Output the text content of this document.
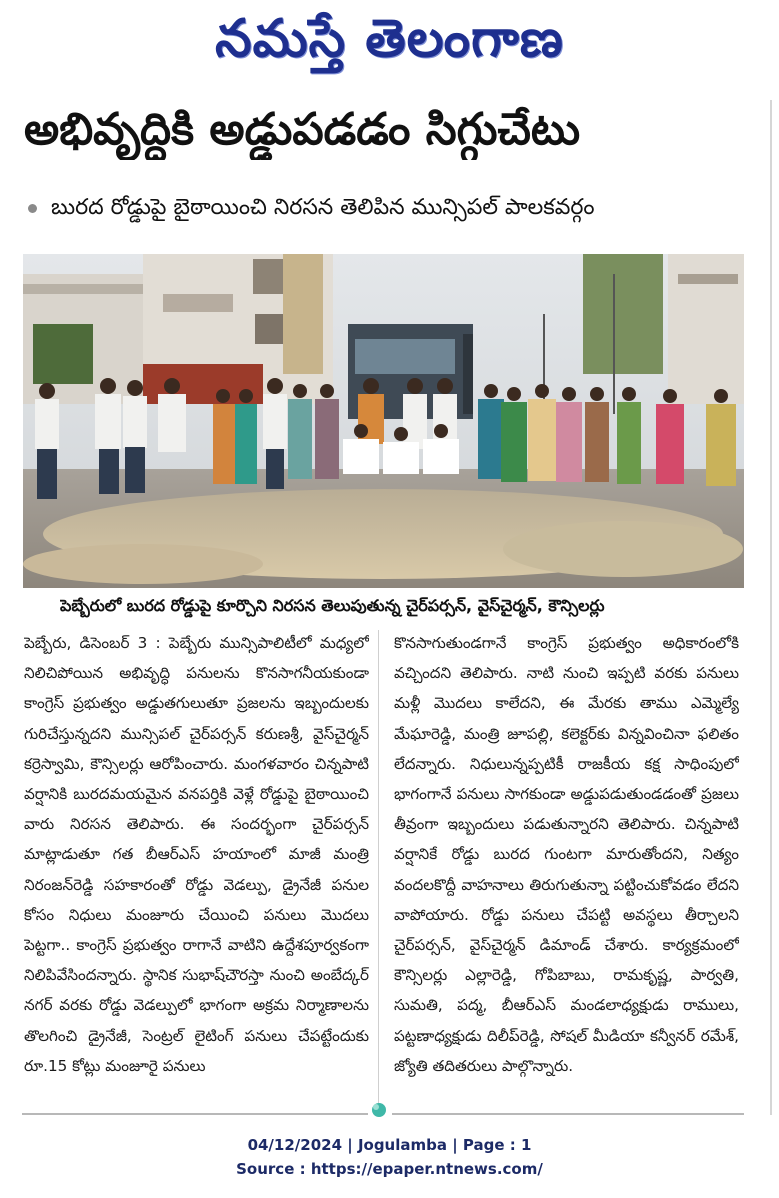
నమస్తే తెలంగాణ
అభివృద్ధికి అడ్డుపడడం సిగ్గుచేటు
బురద రోడ్డుపై బైఠాయించి నిరసన తెలిపిన మున్సిపల్ పాలకవర్గం
పెబ్బేరులో బురద రోడ్డుపై కూర్చొని నిరసన తెలుపుతున్న చైర్‌పర్సన్, వైస్‌చైర్మన్, కౌన్సిలర్లు

పెబ్బేరు, డిసెంబర్ 3 : పెబ్బేరు మున్సిపాలిటీలో మధ్యలో నిలిచిపోయిన అభివృద్ధి పనులను కొనసాగనీయకుండా కాంగ్రెస్ ప్రభుత్వం అడ్డుతగులుతూ ప్రజలను ఇబ్బందులకు గురిచేస్తున్నదని మున్సిపల్ చైర్‌పర్సన్ కరుణశ్రీ, వైస్‌చైర్మన్ కర్రెస్వామి, కౌన్సిలర్లు ఆరోపించారు. మంగళవారం చిన్నపాటి వర్షానికి బురదమయమైన వనపర్తికి వెళ్లే రోడ్డుపై బైఠాయించి వారు నిరసన తెలిపారు. ఈ సందర్భంగా చైర్‌పర్సన్ మాట్లాడుతూ గత బీఆర్‌ఎస్ హయాంలో మాజీ మంత్రి నిరంజన్‌రెడ్డి సహకారంతో రోడ్డు వెడల్పు, డ్రైనేజీ పనుల కోసం నిధులు మంజూరు చేయించి పనులు మొదలు పెట్టగా.. కాంగ్రెస్ ప్రభుత్వం రాగానే వాటిని ఉద్దేశపూర్వకంగా నిలిపివేసిందన్నారు. స్థానిక సుభాష్‌చౌరస్తా నుంచి అంబేద్కర్ నగర్ వరకు రోడ్డు వెడల్పులో భాగంగా అక్రమ నిర్మాణాలను తొలగించి డ్రైనేజీ, సెంట్రల్ లైటింగ్ పనులు చేపట్టేందుకు రూ.15 కోట్లు మంజూరై పనులు

కొనసాగుతుండగానే కాంగ్రెస్ ప్రభుత్వం అధికారంలోకి వచ్చిందని తెలిపారు. నాటి నుంచి ఇప్పటి వరకు పనులు మళ్లీ మొదలు కాలేదని, ఈ మేరకు తాము ఎమ్మెల్యే మేఘారెడ్డి, మంత్రి జూపల్లి, కలెక్టర్‌కు విన్నవించినా ఫలితం లేదన్నారు. నిధులున్నప్పటికీ రాజకీయ కక్ష సాధింపులో భాగంగానే పనులు సాగకుండా అడ్డుపడుతుండడంతో ప్రజలు తీవ్రంగా ఇబ్బందులు పడుతున్నారని తెలిపారు. చిన్నపాటి వర్షానికే రోడ్డు బురద గుంటగా మారుతోందని, నిత్యం వందలకొద్దీ వాహనాలు తిరుగుతున్నా పట్టించుకోవడం లేదని వాపోయారు. రోడ్డు పనులు చేపట్టి అవస్థలు తీర్చాలని చైర్‌పర్సన్, వైస్‌చైర్మన్ డిమాండ్ చేశారు. కార్యక్రమంలో కౌన్సిలర్లు ఎల్లారెడ్డి, గోపిబాబు, రామకృష్ణ, పార్వతి, సుమతి, పద్మ, బీఆర్‌ఎస్ మండలాధ్యక్షుడు రాములు, పట్టణాధ్యక్షుడు దిలీప్‌రెడ్డి, సోషల్ మీడియా కన్వీనర్ రమేశ్, జ్యోతి తదితరులు పాల్గొన్నారు.

04/12/2024 | Jogulamba | Page : 1
Source : https://epaper.ntnews.com/
